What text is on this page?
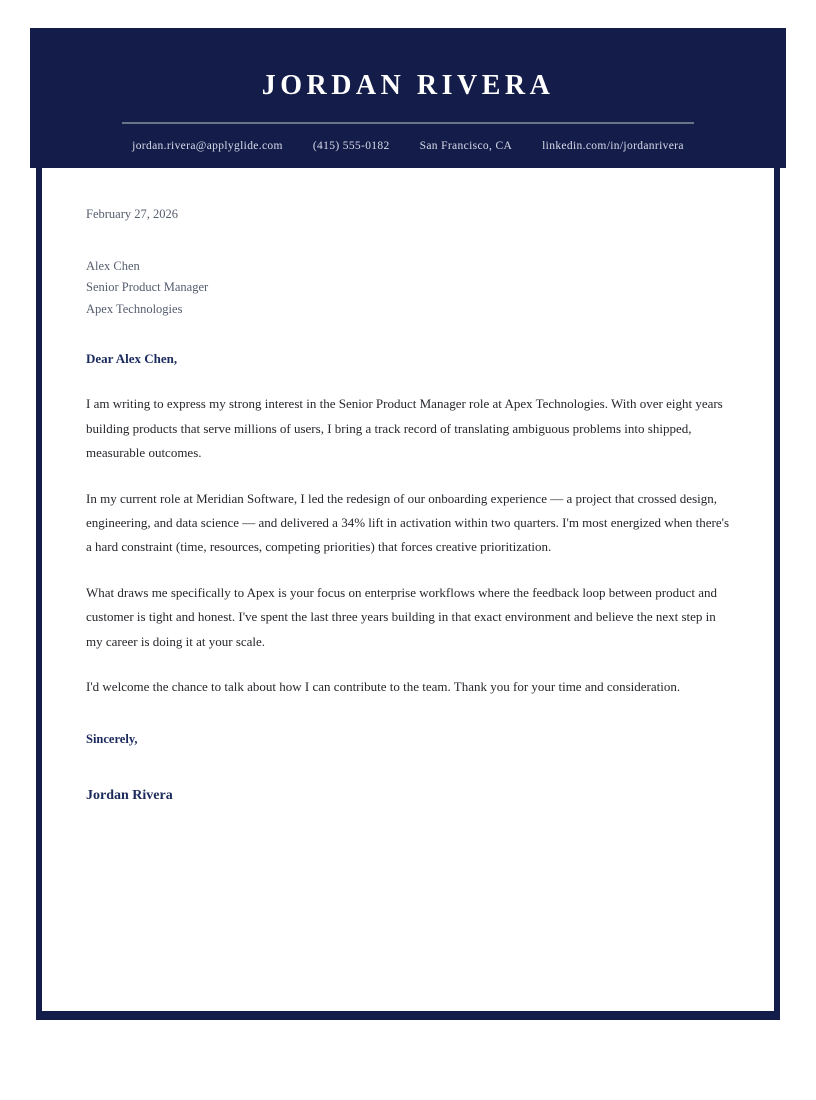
JORDAN RIVERA
jordan.rivera@applyglide.com	(415) 555-0182	San Francisco, CA	linkedin.com/in/jordanrivera

February 27, 2026

Alex Chen

Senior Product Manager

Apex Technologies

Dear Alex Chen,

I am writing to express my strong interest in the Senior Product Manager role at Apex Technologies. With over eight years building products that serve millions of users, I bring a track record of translating ambiguous problems into shipped, measurable outcomes.

In my current role at Meridian Software, I led the redesign of our onboarding experience — a project that crossed design, engineering, and data science — and delivered a 34% lift in activation within two quarters. I'm most energized when there's a hard constraint (time, resources, competing priorities) that forces creative prioritization.

What draws me specifically to Apex is your focus on enterprise workflows where the feedback loop between product and customer is tight and honest. I've spent the last three years building in that exact environment and believe the next step in my career is doing it at your scale.

I'd welcome the chance to talk about how I can contribute to the team. Thank you for your time and consideration.

Sincerely,

Jordan Rivera
